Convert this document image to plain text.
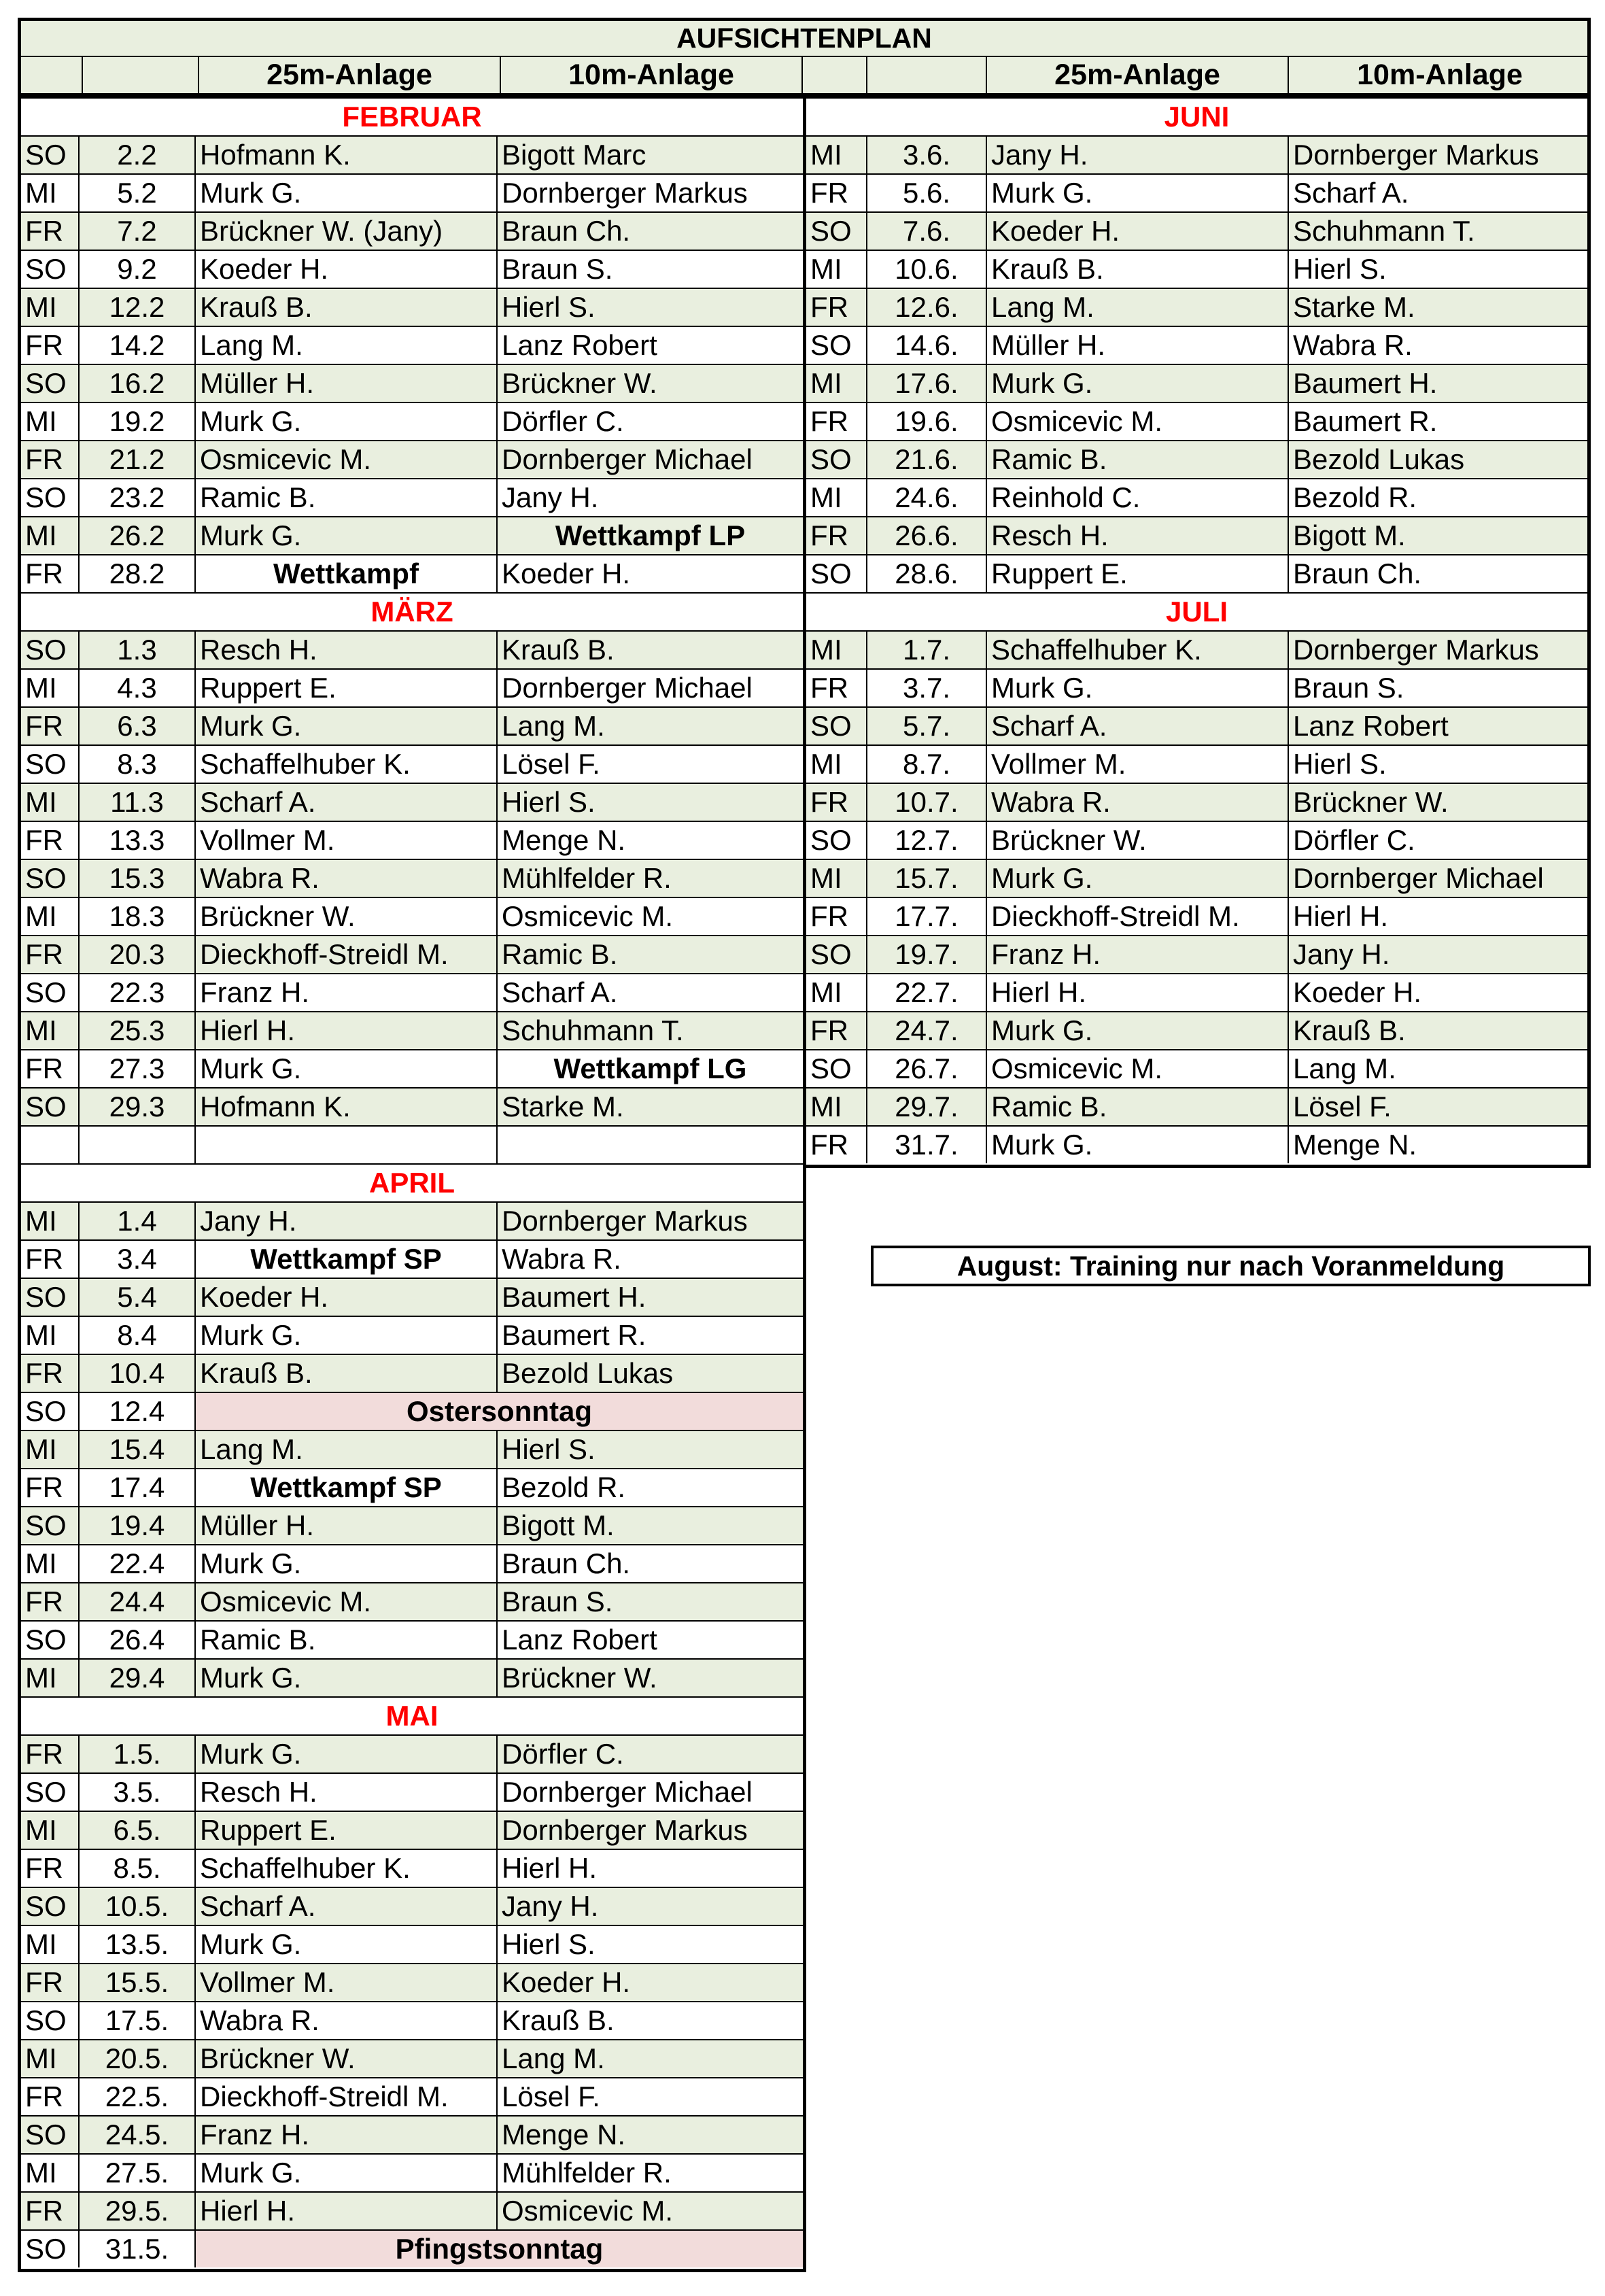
AUFSICHTENPLAN
25m-Anlage	10m-Anlage	25m-Anlage	10m-Anlage
FEBRUAR
SO	2.2	Hofmann K.	Bigott Marc
MI	5.2	Murk G.	Dornberger Markus
FR	7.2	Brückner W. (Jany)	Braun Ch.
SO	9.2	Koeder H.	Braun S.
MI	12.2	Krauß B.	Hierl S.
FR	14.2	Lang M.	Lanz Robert
SO	16.2	Müller H.	Brückner W.
MI	19.2	Murk G.	Dörfler C.
FR	21.2	Osmicevic M.	Dornberger Michael
SO	23.2	Ramic B.	Jany H.
MI	26.2	Murk G.	Wettkampf LP
FR	28.2	Wettkampf	Koeder H.
MÄRZ
SO	1.3	Resch H.	Krauß B.
MI	4.3	Ruppert E.	Dornberger Michael
FR	6.3	Murk G.	Lang M.
SO	8.3	Schaffelhuber K.	Lösel F.
MI	11.3	Scharf A.	Hierl S.
FR	13.3	Vollmer M.	Menge N.
SO	15.3	Wabra R.	Mühlfelder R.
MI	18.3	Brückner W.	Osmicevic M.
FR	20.3	Dieckhoff-Streidl M.	Ramic B.
SO	22.3	Franz H.	Scharf A.
MI	25.3	Hierl H.	Schuhmann T.
FR	27.3	Murk G.	Wettkampf LG
SO	29.3	Hofmann K.	Starke M.
APRIL
MI	1.4	Jany H.	Dornberger Markus
FR	3.4	Wettkampf SP	Wabra R.
SO	5.4	Koeder H.	Baumert H.
MI	8.4	Murk G.	Baumert R.
FR	10.4	Krauß B.	Bezold Lukas
SO	12.4	Ostersonntag
MI	15.4	Lang M.	Hierl S.
FR	17.4	Wettkampf SP	Bezold R.
SO	19.4	Müller H.	Bigott M.
MI	22.4	Murk G.	Braun Ch.
FR	24.4	Osmicevic M.	Braun S.
SO	26.4	Ramic B.	Lanz Robert
MI	29.4	Murk G.	Brückner W.
MAI
FR	1.5.	Murk G.	Dörfler C.
SO	3.5.	Resch H.	Dornberger Michael
MI	6.5.	Ruppert E.	Dornberger Markus
FR	8.5.	Schaffelhuber K.	Hierl H.
SO	10.5.	Scharf A.	Jany H.
MI	13.5.	Murk G.	Hierl S.
FR	15.5.	Vollmer M.	Koeder H.
SO	17.5.	Wabra R.	Krauß B.
MI	20.5.	Brückner W.	Lang M.
FR	22.5.	Dieckhoff-Streidl M.	Lösel F.
SO	24.5.	Franz H.	Menge N.
MI	27.5.	Murk G.	Mühlfelder R.
FR	29.5.	Hierl H.	Osmicevic M.
SO	31.5.	Pfingstsonntag
JUNI
MI	3.6.	Jany H.	Dornberger Markus
FR	5.6.	Murk G.	Scharf A.
SO	7.6.	Koeder H.	Schuhmann T.
MI	10.6.	Krauß B.	Hierl S.
FR	12.6.	Lang M.	Starke M.
SO	14.6.	Müller H.	Wabra R.
MI	17.6.	Murk G.	Baumert H.
FR	19.6.	Osmicevic M.	Baumert R.
SO	21.6.	Ramic B.	Bezold Lukas
MI	24.6.	Reinhold C.	Bezold R.
FR	26.6.	Resch H.	Bigott M.
SO	28.6.	Ruppert E.	Braun Ch.
JULI
MI	1.7.	Schaffelhuber K.	Dornberger Markus
FR	3.7.	Murk G.	Braun S.
SO	5.7.	Scharf A.	Lanz Robert
MI	8.7.	Vollmer M.	Hierl S.
FR	10.7.	Wabra R.	Brückner W.
SO	12.7.	Brückner W.	Dörfler C.
MI	15.7.	Murk G.	Dornberger Michael
FR	17.7.	Dieckhoff-Streidl M.	Hierl H.
SO	19.7.	Franz H.	Jany H.
MI	22.7.	Hierl H.	Koeder H.
FR	24.7.	Murk G.	Krauß B.
SO	26.7.	Osmicevic M.	Lang M.
MI	29.7.	Ramic B.	Lösel F.
FR	31.7.	Murk G.	Menge N.
August: Training nur nach Voranmeldung
